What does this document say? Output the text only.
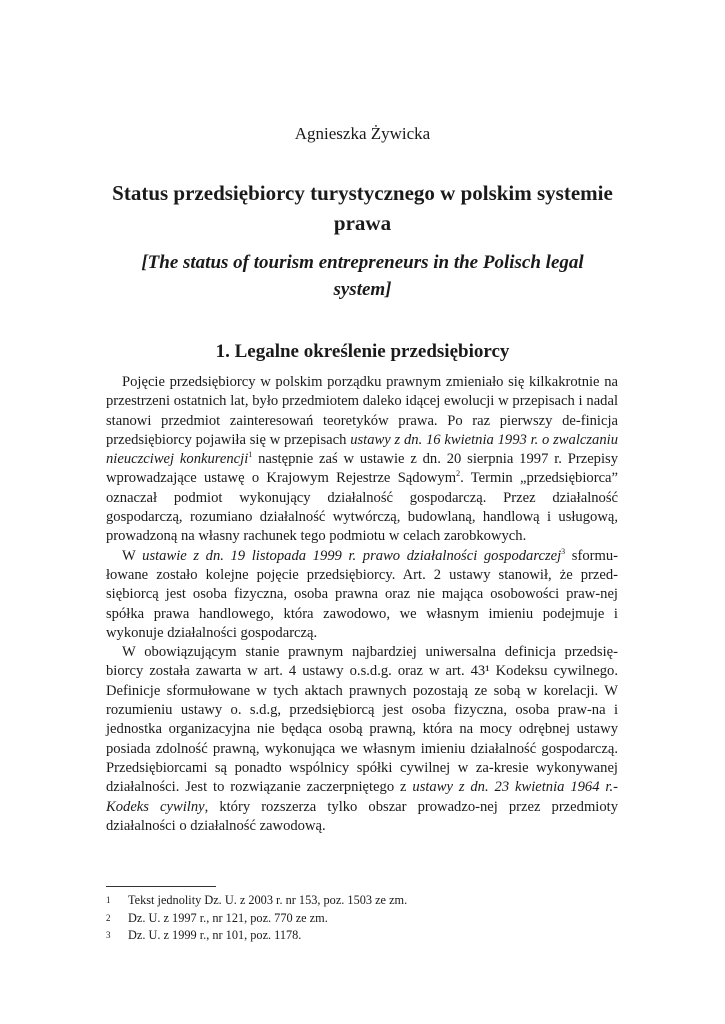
Agnieszka Żywicka
Status przedsiębiorcy turystycznego w polskim systemie prawa
[The status of tourism entrepreneurs in the Polisch legal system]
1. Legalne określenie przedsiębiorcy

Pojęcie przedsiębiorcy w polskim porządku prawnym zmieniało się kilkakrotnie na przestrzeni ostatnich lat, było przedmiotem daleko idącej ewolucji w przepisach i nadal stanowi przedmiot zainteresowań teoretyków prawa. Po raz pierwszy de-finicja przedsiębiorcy pojawiła się w przepisach ustawy z dn. 16 kwietnia 1993 r. o zwalczaniu nieuczciwej konkurencji$^1$ następnie zaś w ustawie z dn. 20 sierpnia 1997 r. Przepisy wprowadzające ustawę o Krajowym Rejestrze Sądowym$^2$. Termin „przedsiębiorca” oznaczał podmiot wykonujący działalność gospodarczą. Przez działalność gospodarczą, rozumiano działalność wytwórczą, budowlaną, handlową i usługową, prowadzoną na własny rachunek tego podmiotu w celach zarobkowych.

W ustawie z dn. 19 listopada 1999 r. prawo działalności gospodarczej$^3$ sformu-łowane zostało kolejne pojęcie przedsiębiorcy. Art. 2 ustawy stanowił, że przed-siębiorcą jest osoba fizyczna, osoba prawna oraz nie mająca osobowości praw-nej spółka prawa handlowego, która zawodowo, we własnym imieniu podejmuje i wykonuje działalności gospodarczą.

W obowiązującym stanie prawnym najbardziej uniwersalna definicja przedsię-biorcy została zawarta w art. 4 ustawy o.s.d.g. oraz w art. 43¹ Kodeksu cywilnego. Definicje sformułowane w tych aktach prawnych pozostają ze sobą w korelacji. W rozumieniu ustawy o. s.d.g, przedsiębiorcą jest osoba fizyczna, osoba praw-na i jednostka organizacyjna nie będąca osobą prawną, która na mocy odrębnej ustawy posiada zdolność prawną, wykonująca we własnym imieniu działalność gospodarczą. Przedsiębiorcami są ponadto wspólnicy spółki cywilnej w za-kresie wykonywanej działalności. Jest to rozwiązanie zaczerpniętego z ustawy z dn. 23 kwietnia 1964 r.-Kodeks cywilny, który rozszerza tylko obszar prowadzo-nej przez przedmioty działalności o działalność zawodową.

1	Tekst jednolity Dz. U. z 2003 r. nr 153, poz. 1503 ze zm.
2	Dz. U. z 1997 r., nr 121, poz. 770 ze zm.
3	Dz. U. z 1999 r., nr 101, poz. 1178.
